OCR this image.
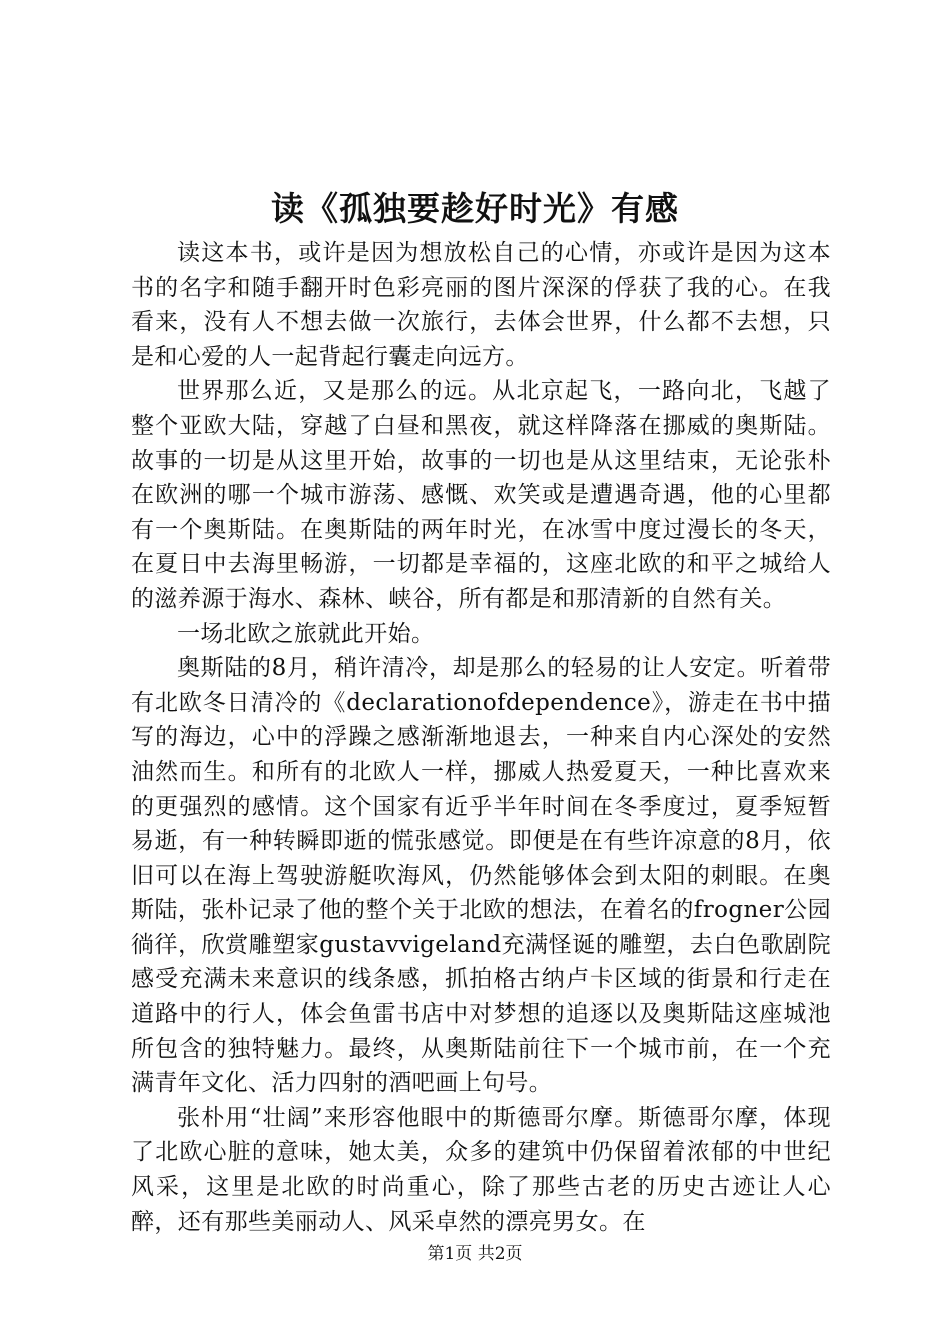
读《孤独要趁好时光》有感

读这本书，或许是因为想放松自己的心情，亦或许是因为这本书的名字和随手翻开时色彩亮丽的图片深深的俘获了我的心。在我看来，没有人不想去做一次旅行，去体会世界，什么都不去想，只是和心爱的人一起背起行囊走向远方。

世界那么近，又是那么的远。从北京起飞，一路向北，飞越了整个亚欧大陆，穿越了白昼和黑夜，就这样降落在挪威的奥斯陆。故事的一切是从这里开始，故事的一切也是从这里结束，无论张朴在欧洲的哪一个城市游荡、感慨、欢笑或是遭遇奇遇，他的心里都有一个奥斯陆。在奥斯陆的两年时光，在冰雪中度过漫长的冬天，在夏日中去海里畅游，一切都是幸福的，这座北欧的和平之城给人的滋养源于海水、森林、峡谷，所有都是和那清新的自然有关。

一场北欧之旅就此开始。

奥斯陆的8月，稍许清冷，却是那么的轻易的让人安定。听着带有北欧冬日清冷的《declarationofdependence》，游走在书中描写的海边，心中的浮躁之感渐渐地退去，一种来自内心深处的安然油然而生。和所有的北欧人一样，挪威人热爱夏天，一种比喜欢来的更强烈的感情。这个国家有近乎半年时间在冬季度过，夏季短暂易逝，有一种转瞬即逝的慌张感觉。即便是在有些许凉意的8月，依旧可以在海上驾驶游艇吹海风，仍然能够体会到太阳的刺眼。在奥斯陆，张朴记录了他的整个关于北欧的想法，在着名的frogner公园徜徉，欣赏雕塑家gustavvigeland充满怪诞的雕塑，去白色歌剧院感受充满未来意识的线条感，抓拍格古纳卢卡区域的街景和行走在道路中的行人，体会鱼雷书店中对梦想的追逐以及奥斯陆这座城池所包含的独特魅力。最终，从奥斯陆前往下一个城市前，在一个充满青年文化、活力四射的酒吧画上句号。

张朴用“壮阔”来形容他眼中的斯德哥尔摩。斯德哥尔摩，体现了北欧心脏的意味，她太美，众多的建筑中仍保留着浓郁的中世纪风采，这里是北欧的时尚重心，除了那些古老的历史古迹让人心醉，还有那些美丽动人、风采卓然的漂亮男女。在

第1页 共2页
